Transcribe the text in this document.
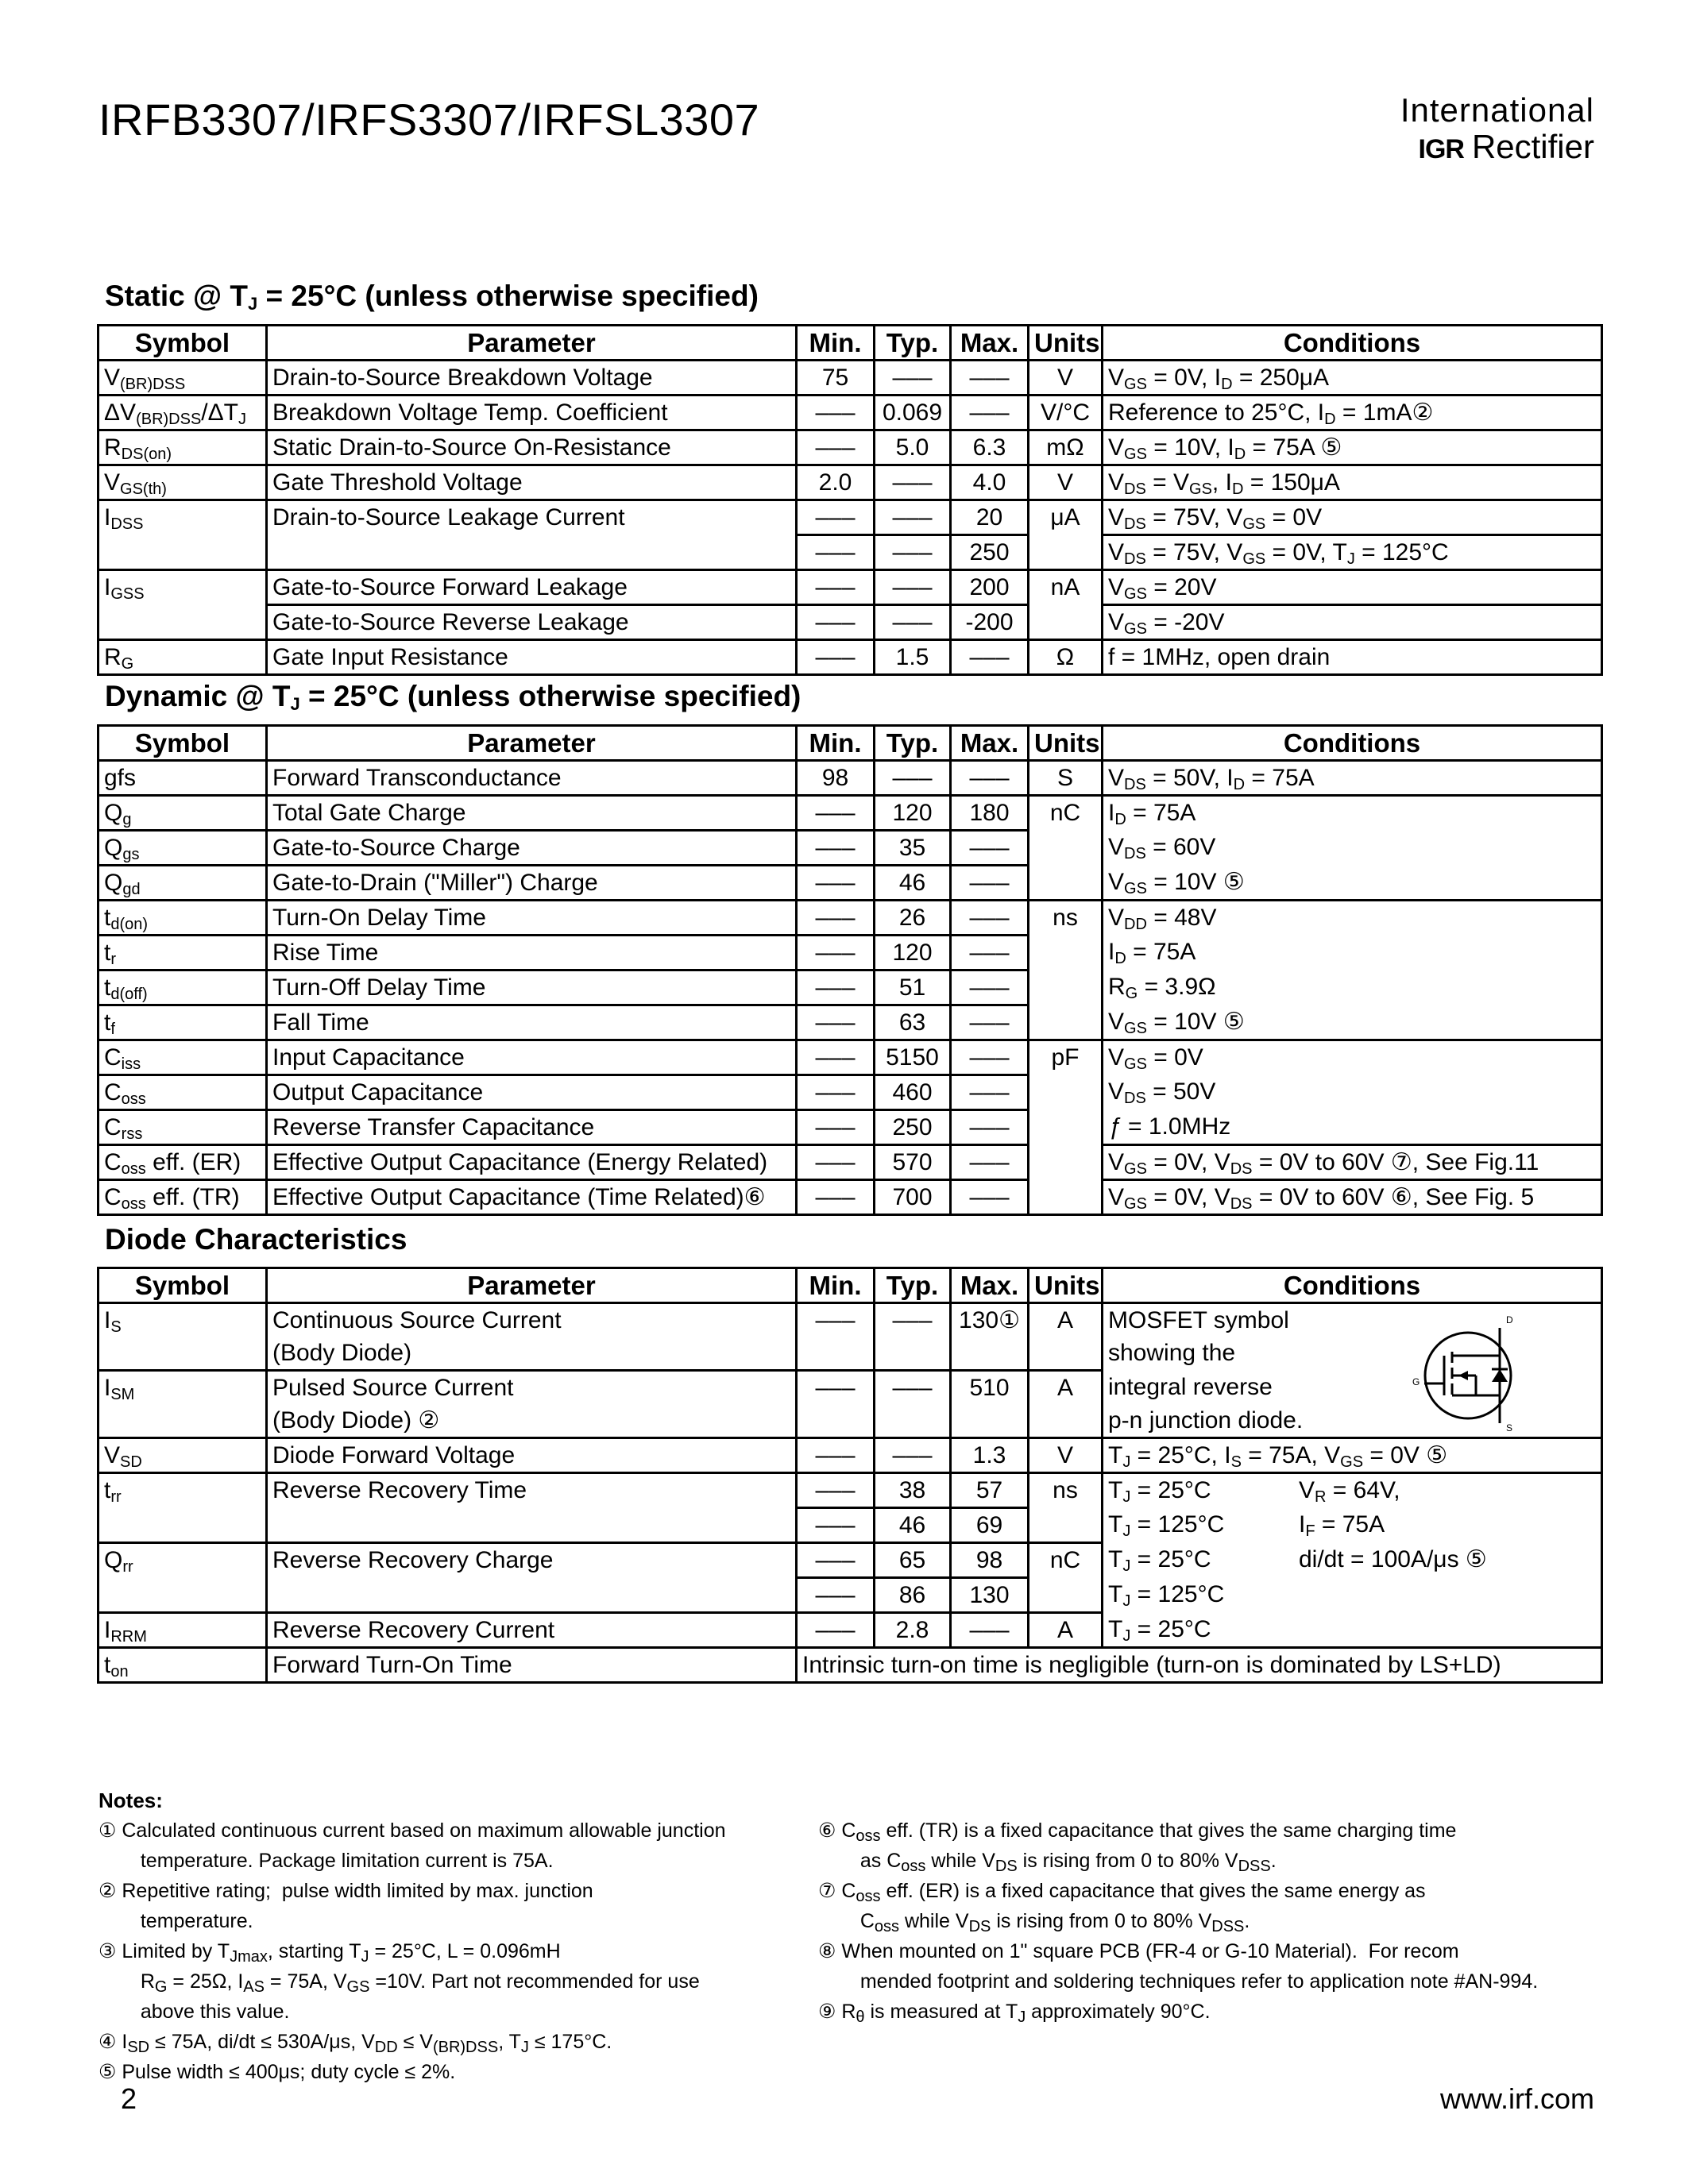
IRFB3307/IRFS3307/IRFSL3307	International
IGR Rectifier
Static @ $T_J = 25^\circ C$ (unless otherwise specified)
Symbol	Parameter	Min.	Typ.	Max.	Units	Conditions
$V_{(BR)DSS}$	Drain-to-Source Breakdown Voltage	75	–––	–––	V	$V_{GS} = 0V$, $I_D = 250\mu A$
$\Delta V_{(BR)DSS}/\Delta T_J$	Breakdown Voltage Temp. Coefficient	–––	0.069	–––	V/°C	Reference to 25°C, $I_D$ = 1mA②
$R_{DS(on)}$	Static Drain-to-Source On-Resistance	–––	5.0	6.3	mΩ	$V_{GS} = 10V$, $I_D = 75A$ ⑤
$V_{GS(th)}$	Gate Threshold Voltage	2.0	–––	4.0	V	$V_{DS} = V_{GS}$, $I_D = 150\mu A$
$I_{DSS}$	Drain-to-Source Leakage Current	–––	–––	20	μA	$V_{DS} = 75V$, $V_{GS} = 0V$
		–––	–––	250		$V_{DS} = 75V$, $V_{GS} = 0V$, $T_J = 125^\circ C$
$I_{GSS}$	Gate-to-Source Forward Leakage	–––	–––	200	nA	$V_{GS} = 20V$
	Gate-to-Source Reverse Leakage	–––	–––	-200		$V_{GS} = -20V$
$R_G$	Gate Input Resistance	–––	1.5	–––	Ω	f = 1MHz, open drain
Dynamic @ $T_J = 25^\circ C$ (unless otherwise specified)
Symbol	Parameter	Min.	Typ.	Max.	Units	Conditions
gfs	Forward Transconductance	98	–––	–––	S	$V_{DS} = 50V$, $I_D = 75A$
$Q_g$	Total Gate Charge	–––	120	180	nC	$I_D = 75A$
$Q_{gs}$	Gate-to-Source Charge	–––	35	–––		$V_{DS} = 60V$
$Q_{gd}$	Gate-to-Drain ("Miller") Charge	–––	46	–––		$V_{GS} = 10V$ ⑤
$t_{d(on)}$	Turn-On Delay Time	–––	26	–––	ns	$V_{DD} = 48V$
$t_r$	Rise Time	–––	120	–––		$I_D = 75A$
$t_{d(off)}$	Turn-Off Delay Time	–––	51	–––		$R_G = 3.9\Omega$
$t_f$	Fall Time	–––	63	–––		$V_{GS} = 10V$ ⑤
$C_{iss}$	Input Capacitance	–––	5150	–––	pF	$V_{GS} = 0V$
$C_{oss}$	Output Capacitance	–––	460	–––		$V_{DS} = 50V$
$C_{rss}$	Reverse Transfer Capacitance	–––	250	–––		ƒ = 1.0MHz
$C_{oss}$ eff. (ER)	Effective Output Capacitance (Energy Related)	–––	570	–––		$V_{GS} = 0V$, $V_{DS} = 0V$ to 60V ⑦, See Fig.11
$C_{oss}$ eff. (TR)	Effective Output Capacitance (Time Related)⑥	–––	700	–––		$V_{GS} = 0V$, $V_{DS} = 0V$ to 60V ⑥, See Fig. 5
Diode Characteristics
Symbol	Parameter	Min.	Typ.	Max.	Units	Conditions
$I_S$	Continuous Source Current	–––	–––	130①	A	MOSFET symbol
	(Body Diode)					showing the
$I_{SM}$	Pulsed Source Current	–––	–––	510	A	integral reverse
	(Body Diode) ②					p-n junction diode.
$V_{SD}$	Diode Forward Voltage	–––	–––	1.3	V	$T_J = 25^\circ C$, $I_S = 75A$, $V_{GS} = 0V$ ⑤
$t_{rr}$	Reverse Recovery Time	–––	38	57	ns	$T_J = 25^\circ C$ $V_R = 64V$,

		–––	46	69		$T_J = 125^\circ C$ $I_F = 75A$

$Q_{rr}$	Reverse Recovery Charge	–––	65	98	nC	$T_J = 25^\circ C$ di/dt = 100A/μs ⑤

		–––	86	130		$T_J = 125^\circ C$

$I_{RRM}$	Reverse Recovery Current	–––	2.8	–––	A	$T_J = 25^\circ C$
$t_{on}$	Forward Turn-On Time	Intrinsic turn-on time is negligible (turn-on is dominated by LS+LD)				
D
G
S
Notes:
① Calculated continuous current based on maximum allowable junction
temperature. Package limitation current is 75A.
② Repetitive rating;  pulse width limited by max. junction
temperature.
③ Limited by $T_{Jmax}$, starting $T_J = 25^\circ C$, L = 0.096mH
$R_G = 25\Omega$, $I_{AS} = 75A$, $V_{GS} =10V$. Part not recommended for use
above this value.
④ $I_{SD} \le 75A$, di/dt ≤ 530A/μs, $V_{DD} \le V_{(BR)DSS}$, $T_J \le 175^\circ C$.
⑤ Pulse width ≤ 400μs; duty cycle ≤ 2%.
⑥ $C_{oss}$ eff. (TR) is a fixed capacitance that gives the same charging time
as $C_{oss}$ while $V_{DS}$ is rising from 0 to 80% $V_{DSS}$.
⑦ $C_{oss}$ eff. (ER) is a fixed capacitance that gives the same energy as
$C_{oss}$ while $V_{DS}$ is rising from 0 to 80% $V_{DSS}$.
⑧ When mounted on 1" square PCB (FR-4 or G-10 Material).  For recom
mended footprint and soldering techniques refer to application note #AN-994.
⑨ $R_\theta$ is measured at $T_J$ approximately 90°C.
2	www.irf.com
